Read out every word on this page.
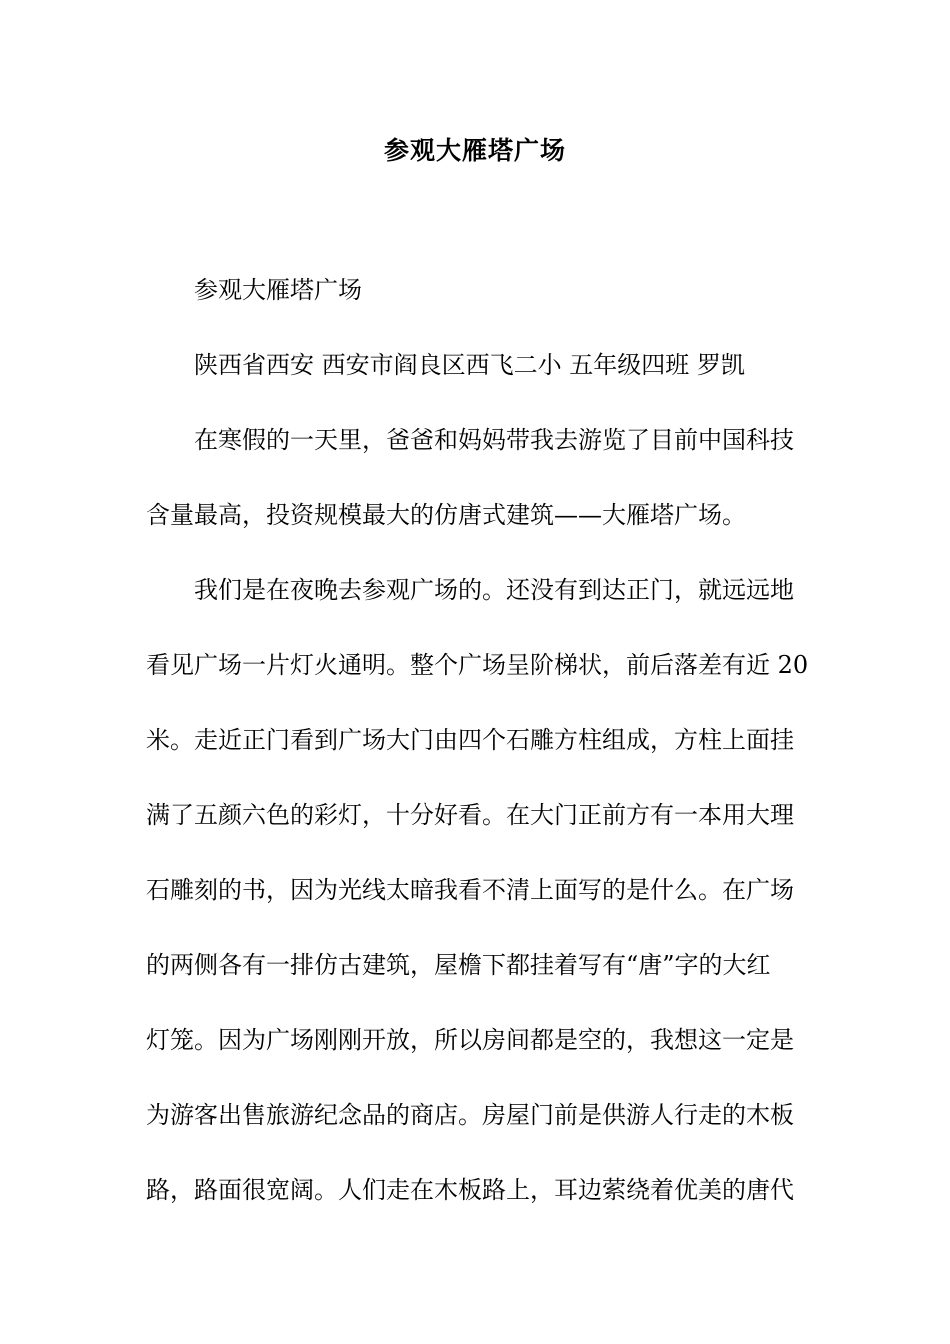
参观大雁塔广场

参观大雁塔广场

陕西省西安 西安市阎良区西飞二小 五年级四班 罗凯

在寒假的一天里，爸爸和妈妈带我去游览了目前中国科技
含量最高，投资规模最大的仿唐式建筑——大雁塔广场。

我们是在夜晚去参观广场的。还没有到达正门，就远远地
看见广场一片灯火通明。整个广场呈阶梯状，前后落差有近 20
米。走近正门看到广场大门由四个石雕方柱组成，方柱上面挂
满了五颜六色的彩灯，十分好看。在大门正前方有一本用大理
石雕刻的书，因为光线太暗我看不清上面写的是什么。在广场
的两侧各有一排仿古建筑，屋檐下都挂着写有“唐”字的大红
灯笼。因为广场刚刚开放，所以房间都是空的，我想这一定是
为游客出售旅游纪念品的商店。房屋门前是供游人行走的木板
路，路面很宽阔。人们走在木板路上，耳边萦绕着优美的唐代
